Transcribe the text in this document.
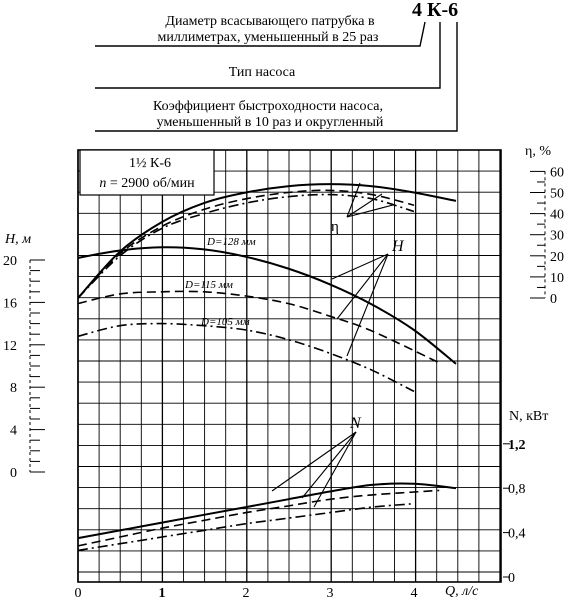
4 К-6
Диаметр всасывающего патрубка в
миллиметрах, уменьшенный в 25 раз
Тип насоса
Коэффициент быстроходности насоса,
уменьшенный в 10 раз и округленный
1½ К-6
n = 2900 об/мин
H, м
η, %
N, кВт
Q, л/с
20
16
12
8
4
0
60
50
40
30
20
10
0
1,2
0,8
0,4
0
0	1	2	3	4
D=128 мм
D=115 мм
D=105 мм
η
H
N
